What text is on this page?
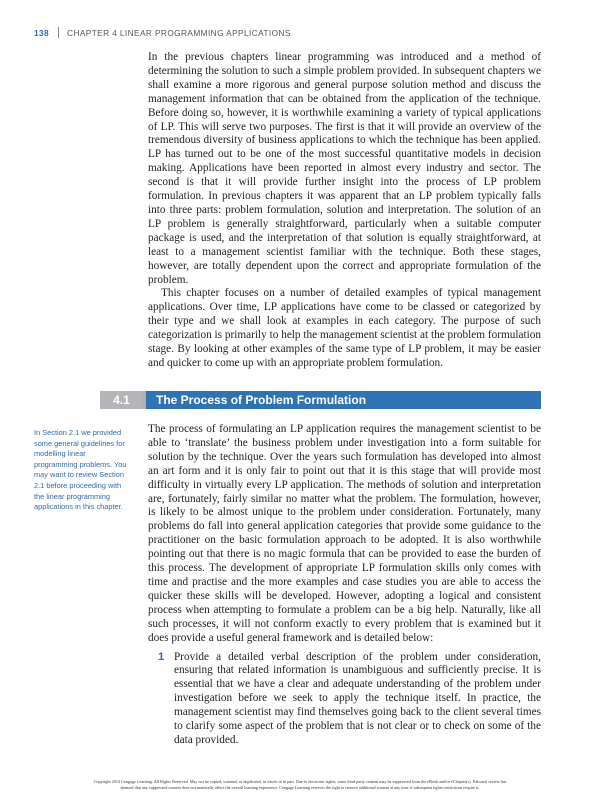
138 CHAPTER 4 LINEAR PROGRAMMING APPLICATIONS

In the previous chapters linear programming was introduced and a method of determining the solution to such a simple problem provided. In subsequent chapters we shall examine a more rigorous and general purpose solution method and discuss the management information that can be obtained from the application of the technique. Before doing so, however, it is worthwhile examining a variety of typical applications of LP. This will serve two purposes. The first is that it will provide an overview of the tremendous diversity of business applications to which the technique has been applied. LP has turned out to be one of the most successful quantitative models in decision making. Applications have been reported in almost every industry and sector. The second is that it will provide further insight into the process of LP problem formulation. In previous chapters it was apparent that an LP problem typically falls into three parts: problem formulation, solution and interpretation. The solution of an LP problem is generally straightforward, particularly when a suitable computer package is used, and the interpretation of that solution is equally straightforward, at least to a management scientist familiar with the technique. Both these stages, however, are totally dependent upon the correct and appropriate formulation of the problem.

This chapter focuses on a number of detailed examples of typical management applications. Over time, LP applications have come to be classed or categorized by their type and we shall look at examples in each category. The purpose of such categorization is primarily to help the management scientist at the problem formulation stage. By looking at other examples of the same type of LP problem, it may be easier and quicker to come up with an appropriate problem formulation.

4.1	The Process of Problem Formulation
In Section 2.1 we provided some general guidelines for modelling linear programming problems. You may want to review Section 2.1 before proceeding with the linear programming applications in this chapter.

The process of formulating an LP application requires the management scientist to be able to ‘translate’ the business problem under investigation into a form suitable for solution by the technique. Over the years such formulation has developed into almost an art form and it is only fair to point out that it is this stage that will provide most difficulty in virtually every LP application. The methods of solution and interpretation are, fortunately, fairly similar no matter what the problem. The formulation, however, is likely to be almost unique to the problem under consideration. Fortunately, many problems do fall into general application categories that provide some guidance to the practitioner on the basic formulation approach to be adopted. It is also worthwhile pointing out that there is no magic formula that can be provided to ease the burden of this process. The development of appropriate LP formulation skills only comes with time and practise and the more examples and case studies you are able to access the quicker these skills will be developed. However, adopting a logical and consistent process when attempting to formulate a problem can be a big help. Naturally, like all such processes, it will not conform exactly to every problem that is examined but it does provide a useful general framework and is detailed below:

1 Provide a detailed verbal description of the problem under consideration, ensuring that related information is unambiguous and sufficiently precise. It is essential that we have a clear and adequate understanding of the problem under investigation before we seek to apply the technique itself. In practice, the management scientist may find themselves going back to the client several times to clarify some aspect of the problem that is not clear or to check on some of the data provided.
Copyright 2014 Cengage Learning. All Rights Reserved. May not be copied, scanned, or duplicated, in whole or in part. Due to electronic rights, some third party content may be suppressed from the eBook and/or eChapter(s). Editorial review has
deemed that any suppressed content does not materially affect the overall learning experience. Cengage Learning reserves the right to remove additional content at any time if subsequent rights restrictions require it.
